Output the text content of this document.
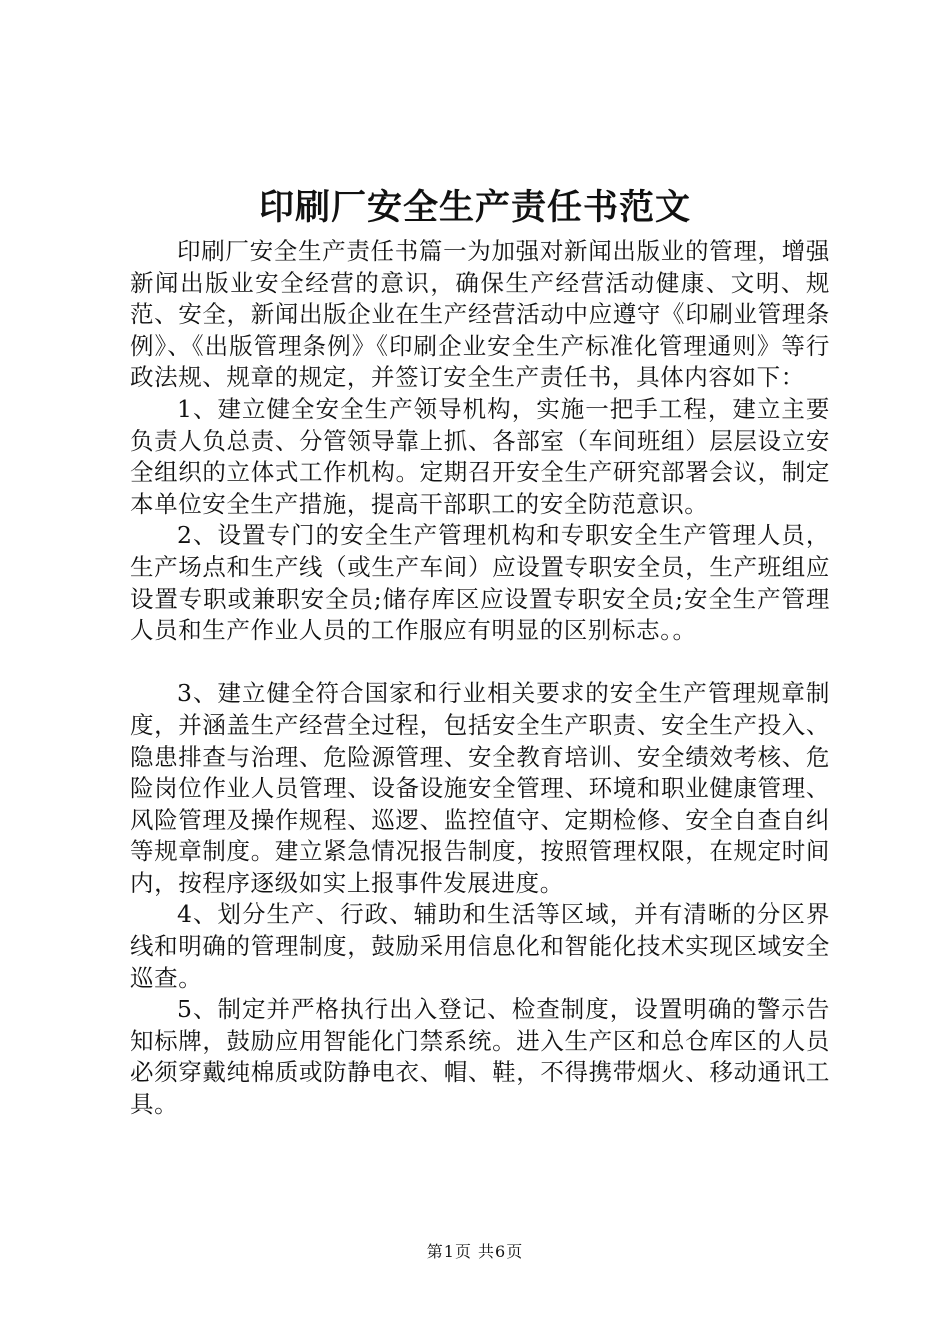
印刷厂安全生产责任书范文

印刷厂安全生产责任书篇一为加强对新闻出版业的管理，增强新闻出版业安全经营的意识，确保生产经营活动健康、文明、规范、安全，新闻出版企业在生产经营活动中应遵守《印刷业管理条例》、《出版管理条例》《印刷企业安全生产标准化管理通则》等行政法规、规章的规定，并签订安全生产责任书，具体内容如下：

1、建立健全安全生产领导机构，实施一把手工程，建立主要负责人负总责、分管领导靠上抓、各部室（车间班组）层层设立安全组织的立体式工作机构。定期召开安全生产研究部署会议，制定本单位安全生产措施，提高干部职工的安全防范意识。

2、设置专门的安全生产管理机构和专职安全生产管理人员，生产场点和生产线（或生产车间）应设置专职安全员，生产班组应设置专职或兼职安全员;储存库区应设置专职安全员;安全生产管理人员和生产作业人员的工作服应有明显的区别标志。。

3、建立健全符合国家和行业相关要求的安全生产管理规章制度，并涵盖生产经营全过程，包括安全生产职责、安全生产投入、隐患排查与治理、危险源管理、安全教育培训、安全绩效考核、危险岗位作业人员管理、设备设施安全管理、环境和职业健康管理、风险管理及操作规程、巡逻、监控值守、定期检修、安全自查自纠等规章制度。建立紧急情况报告制度，按照管理权限，在规定时间内，按程序逐级如实上报事件发展进度。

4、划分生产、行政、辅助和生活等区域，并有清晰的分区界线和明确的管理制度，鼓励采用信息化和智能化技术实现区域安全巡查。

5、制定并严格执行出入登记、检查制度，设置明确的警示告知标牌，鼓励应用智能化门禁系统。进入生产区和总仓库区的人员必须穿戴纯棉质或防静电衣、帽、鞋，不得携带烟火、移动通讯工具。

第1页 共6页
